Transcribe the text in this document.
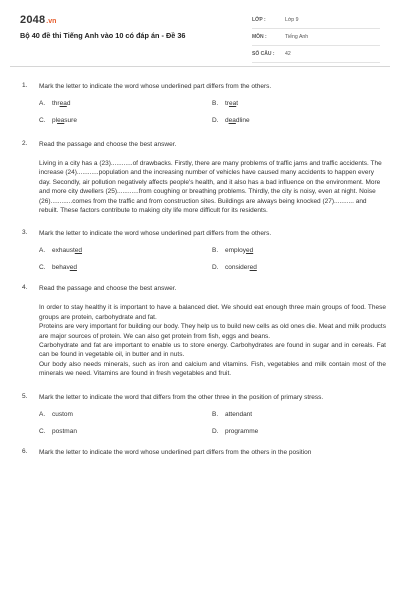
2048.vn
Bộ 40 đề thi Tiếng Anh vào 10 có đáp án - Đề 36
LỚP :	Lớp 9
MÔN :	Tiếng Anh
SỐ CÂU : 42
1. Mark the letter to indicate the word whose underlined part differs from the others.
A. thread	B. treat
C. pleasure	D. deadline
2. Read the passage and choose the best answer.

Living in a city has a (23)............of drawbacks. Firstly, there are many problems of traffic jams and traffic accidents. The increase (24)............population and the increasing number of vehicles have caused many accidents to happen every day. Secondly, air pollution negatively affects people's health, and it also has a bad influence on the environment. More and more city dwellers (25)............from coughing or breathing problems. Thirdly, the city is noisy, even at night. Noise (26)............comes from the traffic and from construction sites. Buildings are always being knocked (27)........... and rebuilt. These factors contribute to making city life more difficult for its residents.

3. Mark the letter to indicate the word whose underlined part differs from the others.
A. exhausted	B. employed
C. behaved	D. considered
4. Read the passage and choose the best answer.

In order to stay healthy it is important to have a balanced diet. We should eat enough three main groups of food. These groups are protein, carbohydrate and fat.

Proteins are very important for building our body. They help us to build new cells as old ones die. Meat and milk products are major sources of protein. We can also get protein from fish, eggs and beans.

Carbohydrate and fat are important to enable us to store energy. Carbohydrates are found in sugar and in cereals. Fat can be found in vegetable oil, in butter and in nuts.

Our body also needs minerals, such as iron and calcium and vitamins. Fish, vegetables and milk contain most of the minerals we need. Vitamins are found in fresh vegetables and fruit.

5. Mark the letter to indicate the word that differs from the other three in the position of primary stress.
A. custom	B. attendant
C. postman	D. programme
6. Mark the letter to indicate the word whose underlined part differs from the others in the position
